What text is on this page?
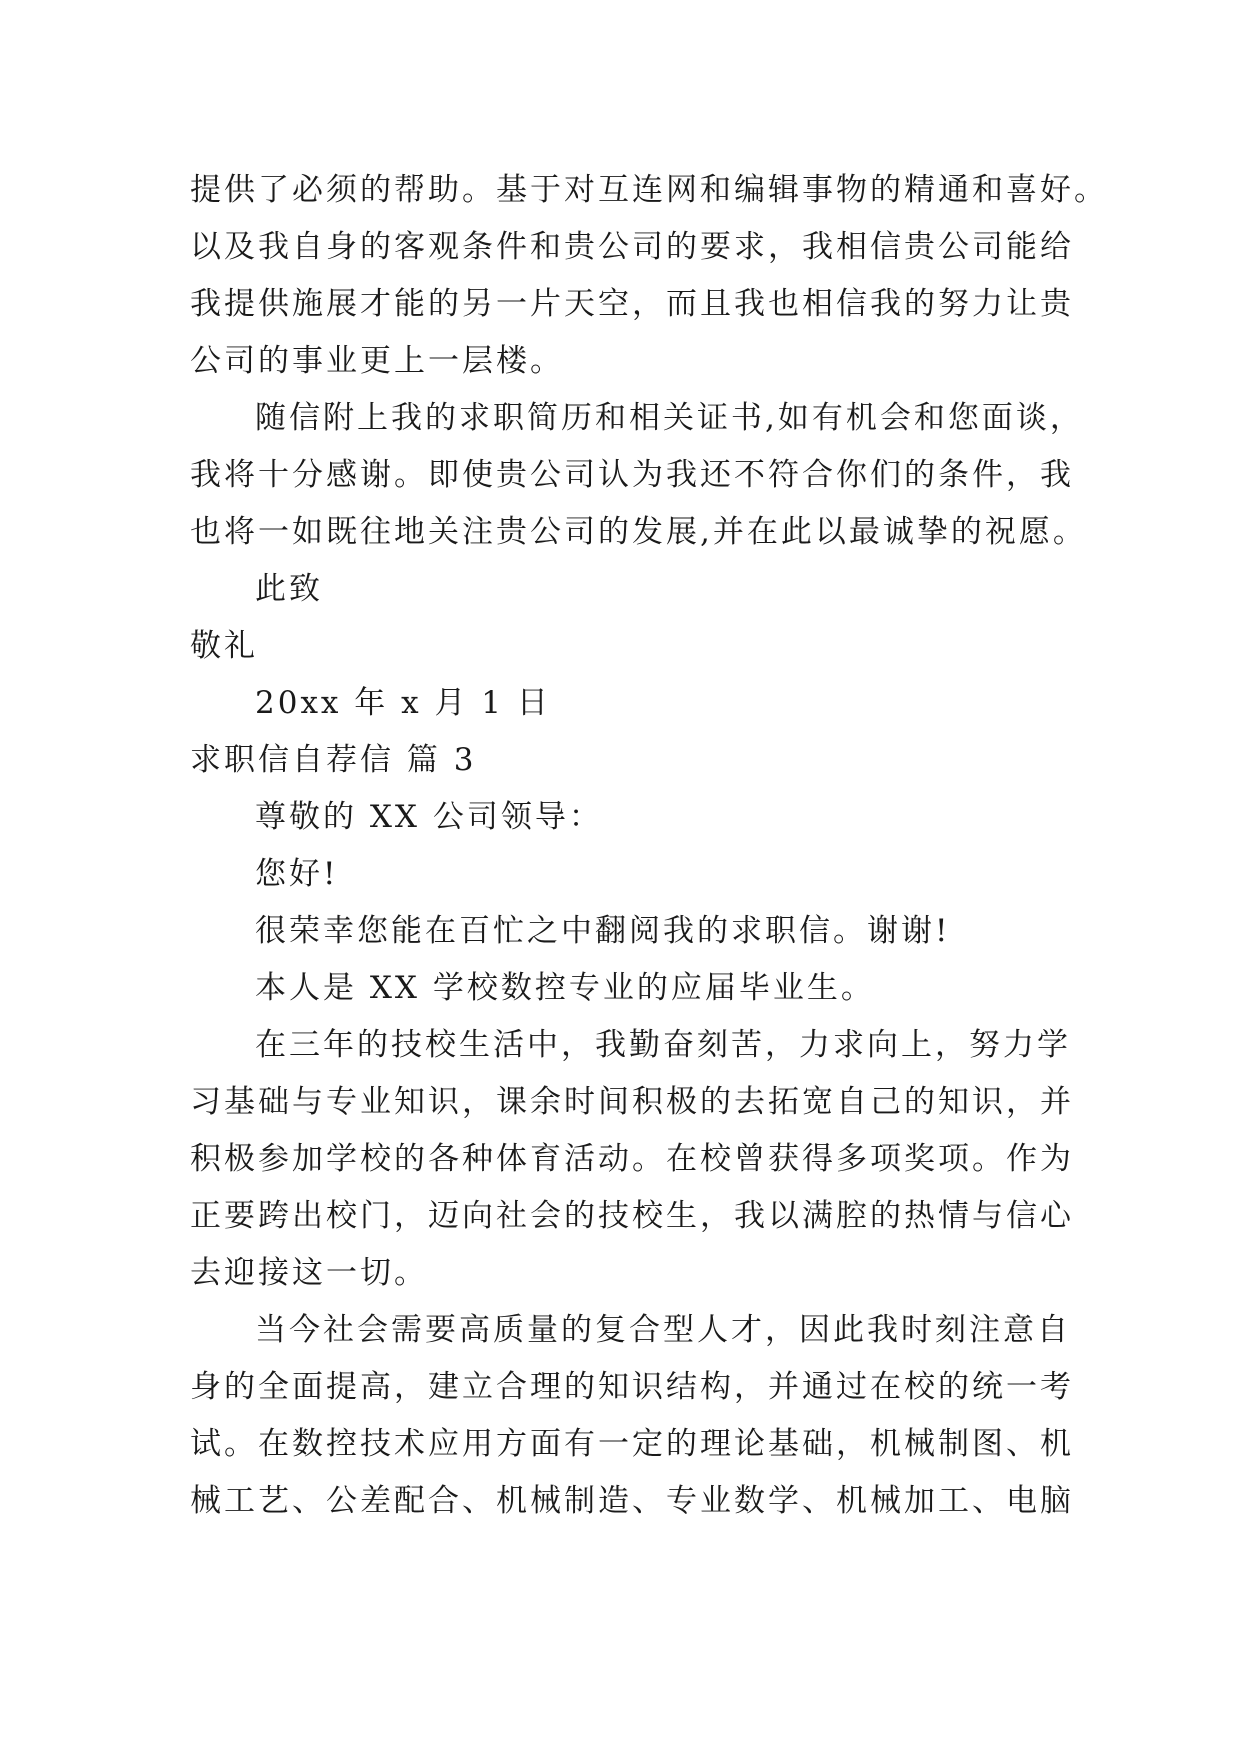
提供了必须的帮助。基于对互连网和编辑事物的精通和喜好。
以及我自身的客观条件和贵公司的要求，我相信贵公司能给
我提供施展才能的另一片天空，而且我也相信我的努力让贵
公司的事业更上一层楼。
随信附上我的求职简历和相关证书,如有机会和您面谈，
我将十分感谢。即使贵公司认为我还不符合你们的条件，我
也将一如既往地关注贵公司的发展,并在此以最诚挚的祝愿。
此致
敬礼
20xx 年 x 月 1 日
求职信自荐信 篇 3
尊敬的 XX 公司领导：
您好!
很荣幸您能在百忙之中翻阅我的求职信。谢谢!
本人是 XX 学校数控专业的应届毕业生。
在三年的技校生活中，我勤奋刻苦，力求向上，努力学
习基础与专业知识，课余时间积极的去拓宽自己的知识，并
积极参加学校的各种体育活动。在校曾获得多项奖项。作为
正要跨出校门，迈向社会的技校生，我以满腔的热情与信心
去迎接这一切。
当今社会需要高质量的复合型人才，因此我时刻注意自
身的全面提高，建立合理的知识结构，并通过在校的统一考
试。在数控技术应用方面有一定的理论基础，机械制图、机
械工艺、公差配合、机械制造、专业数学、机械加工、电脑
